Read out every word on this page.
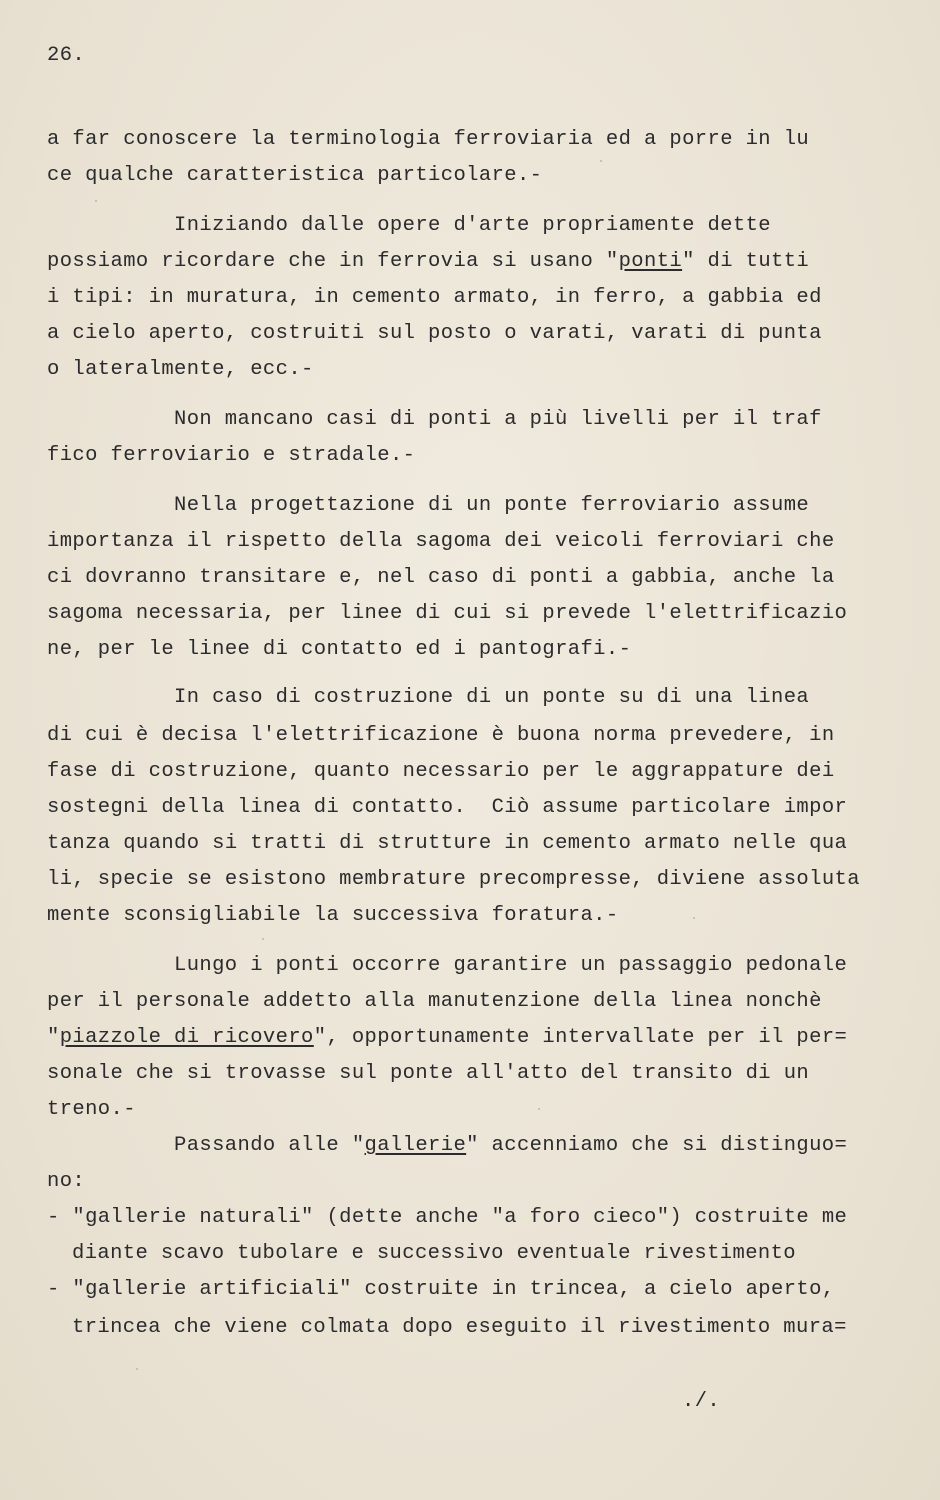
26.
a far conoscere la terminologia ferroviaria ed a porre in lu
ce qualche caratteristica particolare.-
Iniziando dalle opere d'arte propriamente dette
possiamo ricordare che in ferrovia si usano "ponti" di tutti
i tipi: in muratura, in cemento armato, in ferro, a gabbia ed
a cielo aperto, costruiti sul posto o varati, varati di punta
o lateralmente, ecc.-
Non mancano casi di ponti a più livelli per il traf
fico ferroviario e stradale.-
Nella progettazione di un ponte ferroviario assume
importanza il rispetto della sagoma dei veicoli ferroviari che
ci dovranno transitare e, nel caso di ponti a gabbia, anche la
sagoma necessaria, per linee di cui si prevede l'elettrificazio
ne, per le linee di contatto ed i pantografi.-
In caso di costruzione di un ponte su di una linea
di cui è decisa l'elettrificazione è buona norma prevedere, in
fase di costruzione, quanto necessario per le aggrappature dei
sostegni della linea di contatto.  Ciò assume particolare impor
tanza quando si tratti di strutture in cemento armato nelle qua
li, specie se esistono membrature precompresse, diviene assoluta
mente sconsigliabile la successiva foratura.-
Lungo i ponti occorre garantire un passaggio pedonale
per il personale addetto alla manutenzione della linea nonchè
"piazzole di ricovero", opportunamente intervallate per il per=
sonale che si trovasse sul ponte all'atto del transito di un
treno.-
Passando alle "gallerie" accenniamo che si distinguo=
no:
- "gallerie naturali" (dette anche "a foro cieco") costruite me
diante scavo tubolare e successivo eventuale rivestimento
- "gallerie artificiali" costruite in trincea, a cielo aperto,
trincea che viene colmata dopo eseguito il rivestimento mura=
./.
